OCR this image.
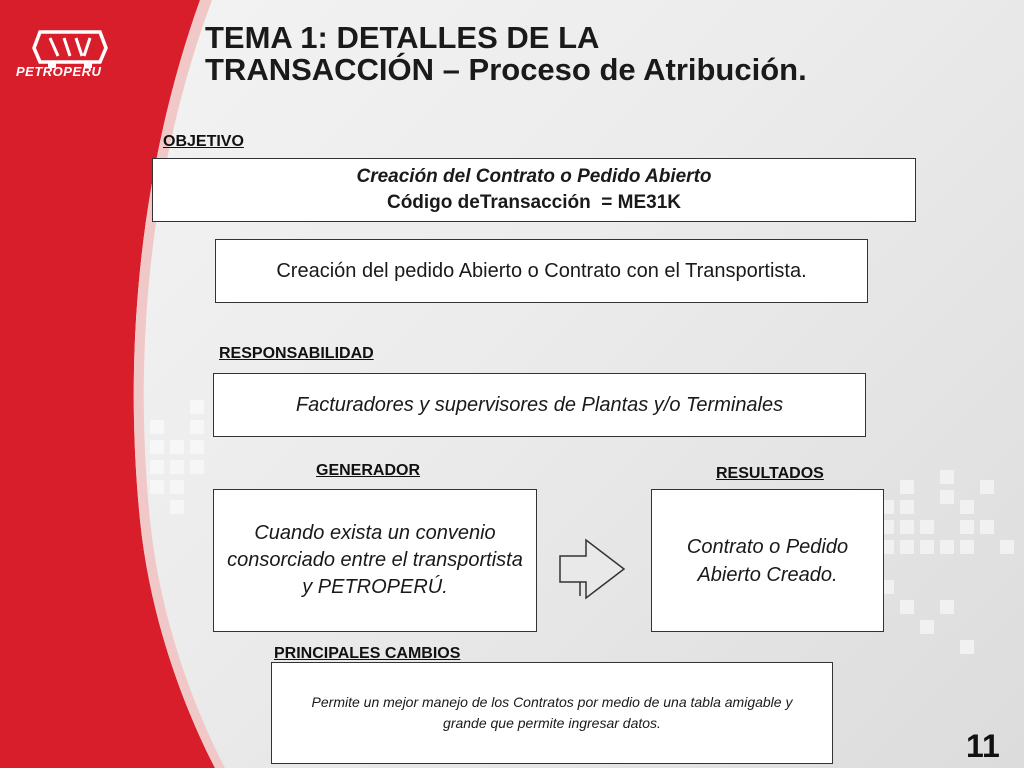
PETROPERU
TEMA 1: DETALLES DE LA
TRANSACCIÓN – Proceso de Atribución.
OBJETIVO
Creación del Contrato o Pedido Abierto
Código deTransacción  = ME31K
Creación del pedido Abierto o Contrato con el Transportista.
RESPONSABILIDAD
Facturadores y supervisores de Plantas y/o Terminales
GENERADOR	RESULTADOS
Cuando exista un convenio consorciado entre el transportista y PETROPERÚ.
Contrato o Pedido Abierto Creado.
PRINCIPALES CAMBIOS
Permite un mejor manejo de los Contratos por medio de una tabla amigable y grande que permite ingresar datos.
11
